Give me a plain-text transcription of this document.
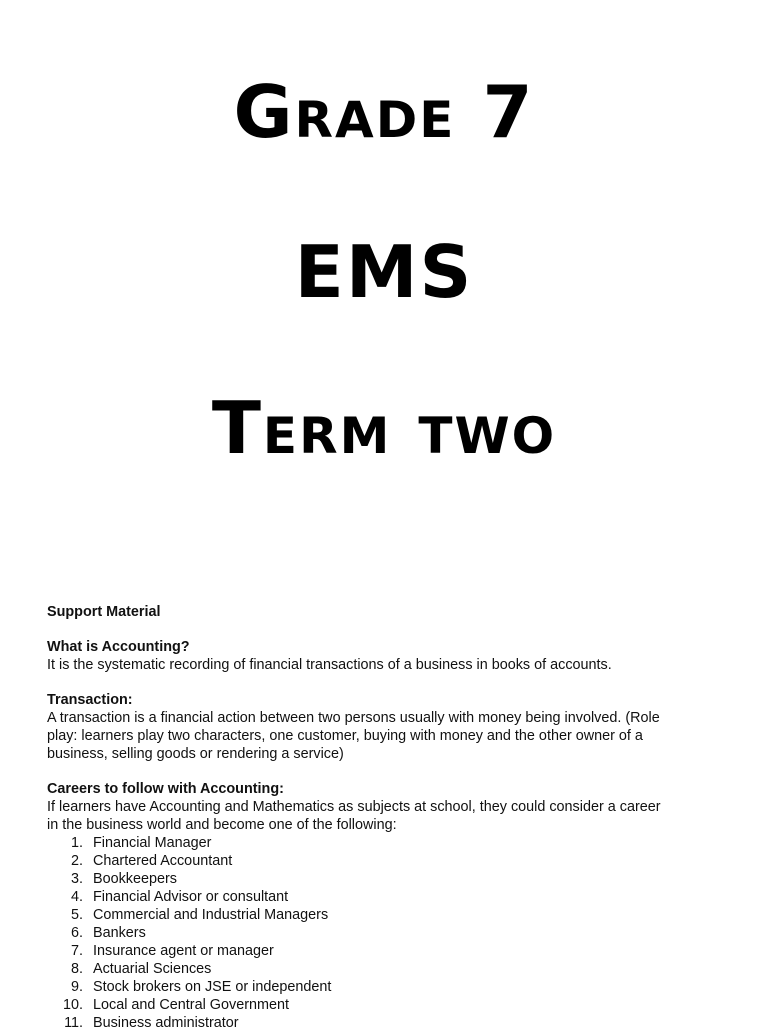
Grade 7
EMS
Term two

Support Material

What is Accounting?

It is the systematic recording of financial transactions of a business in books of accounts.

Transaction:

A transaction is a financial action between two persons usually with money being involved. (Role

play: learners play two characters, one customer, buying with money and the other owner of a

business, selling goods or rendering a service)

Careers to follow with Accounting:

If learners have Accounting and Mathematics as subjects at school, they could consider a career

in the business world and become one of the following:

1. Financial Manager
2. Chartered Accountant
3. Bookkeepers
4. Financial Advisor or consultant
5. Commercial and Industrial Managers
6. Bankers
7. Insurance agent or manager
8. Actuarial Sciences
9. Stock brokers on JSE or independent
10. Local and Central Government
11. Business administrator
